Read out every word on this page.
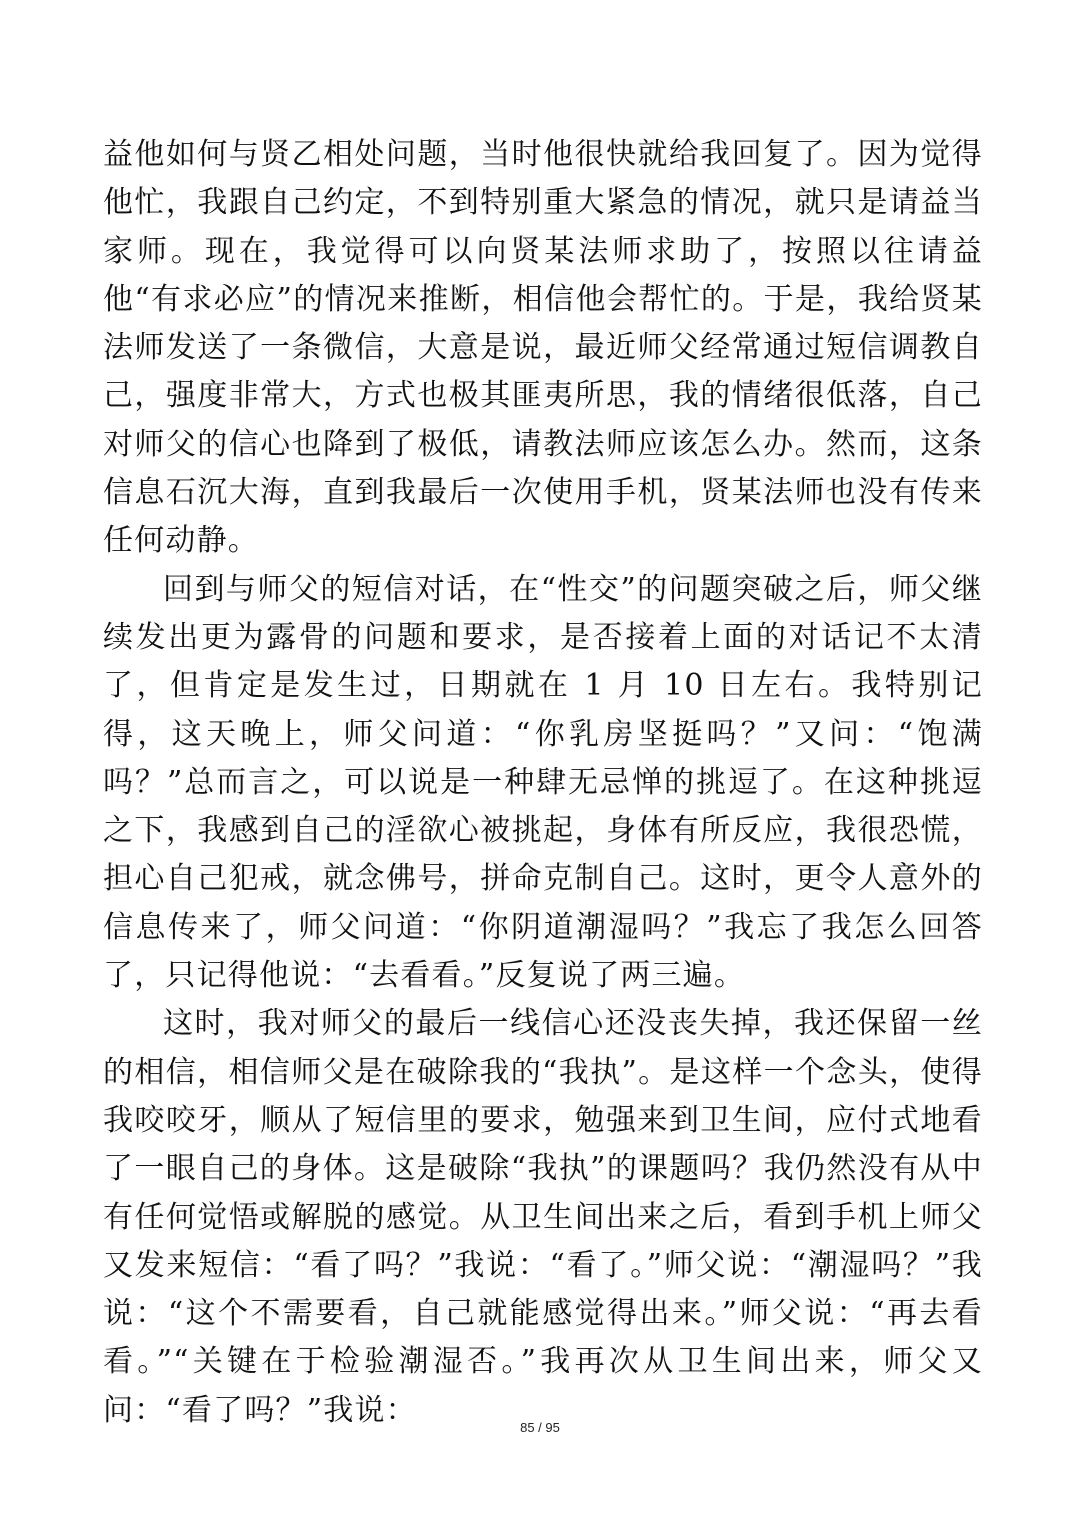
益他如何与贤乙相处问题，当时他很快就给我回复了。因为觉得他忙，我跟自己约定，不到特别重大紧急的情况，就只是请益当家师。现在，我觉得可以向贤某法师求助了，按照以往请益他“有求必应”的情况来推断，相信他会帮忙的。于是，我给贤某法师发送了一条微信，大意是说，最近师父经常通过短信调教自己，强度非常大，方式也极其匪夷所思，我的情绪很低落，自己对师父的信心也降到了极低，请教法师应该怎么办。然而，这条信息石沉大海，直到我最后一次使用手机，贤某法师也没有传来任何动静。

回到与师父的短信对话，在“性交”的问题突破之后，师父继续发出更为露骨的问题和要求，是否接着上面的对话记不太清了，但肯定是发生过，日期就在 1 月 10 日左右。我特别记得，这天晚上，师父问道：“你乳房坚挺吗？”又问：“饱满吗？”总而言之，可以说是一种肆无忌惮的挑逗了。在这种挑逗之下，我感到自己的淫欲心被挑起，身体有所反应，我很恐慌，担心自己犯戒，就念佛号，拼命克制自己。这时，更令人意外的信息传来了，师父问道：“你阴道潮湿吗？”我忘了我怎么回答了，只记得他说：“去看看。”反复说了两三遍。

这时，我对师父的最后一线信心还没丧失掉，我还保留一丝的相信，相信师父是在破除我的“我执”。是这样一个念头，使得我咬咬牙，顺从了短信里的要求，勉强来到卫生间，应付式地看了一眼自己的身体。这是破除“我执”的课题吗？我仍然没有从中有任何觉悟或解脱的感觉。从卫生间出来之后，看到手机上师父又发来短信：“看了吗？”我说：“看了。”师父说：“潮湿吗？”我说：“这个不需要看，自己就能感觉得出来。”师父说：“再去看看。”“关键在于检验潮湿否。”我再次从卫生间出来，师父又问：“看了吗？”我说：	85 / 95
